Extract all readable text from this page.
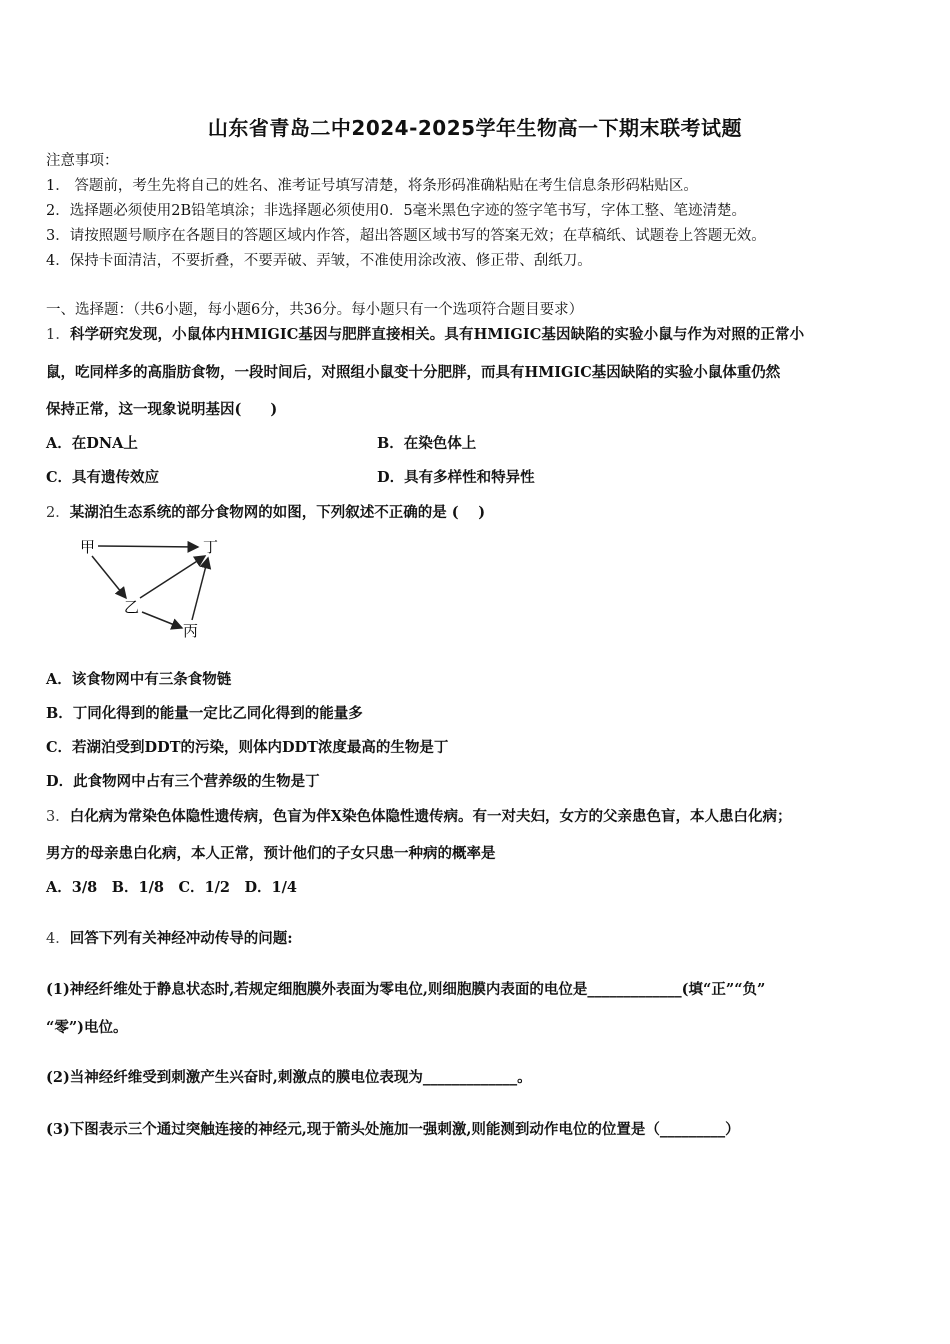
山东省青岛二中2024-2025学年生物高一下期末联考试题
注意事项：
1． 答题前，考生先将自己的姓名、准考证号填写清楚，将条形码准确粘贴在考生信息条形码粘贴区。
2．选择题必须使用2B铅笔填涂；非选择题必须使用0．5毫米黑色字迹的签字笔书写，字体工整、笔迹清楚。
3．请按照题号顺序在各题目的答题区域内作答，超出答题区域书写的答案无效；在草稿纸、试题卷上答题无效。
4．保持卡面清洁，不要折叠，不要弄破、弄皱，不准使用涂改液、修正带、刮纸刀。
一、选择题：（共6小题，每小题6分，共36分。每小题只有一个选项符合题目要求）
1．科学研究发现，小鼠体内HMIGIC基因与肥胖直接相关。具有HMIGIC基因缺陷的实验小鼠与作为对照的正常小
鼠，吃同样多的高脂肪食物，一段时间后，对照组小鼠变十分肥胖，而具有HMIGIC基因缺陷的实验小鼠体重仍然
保持正常，这一现象说明基因(　　)
A．在DNA上	B．在染色体上
C．具有遗传效应	D．具有多样性和特异性
2．某湖泊生态系统的部分食物网的如图，下列叙述不正确的是 (　 )
甲	丁
乙
丙
A．该食物网中有三条食物链
B．丁同化得到的能量一定比乙同化得到的能量多
C．若湖泊受到DDT的污染，则体内DDT浓度最高的生物是丁
D．此食物网中占有三个营养级的生物是丁
3．白化病为常染色体隐性遗传病，色盲为伴X染色体隐性遗传病。有一对夫妇，女方的父亲患色盲，本人患白化病；
男方的母亲患白化病，本人正常，预计他们的子女只患一种病的概率是
A．3/8　B．1/8　C．1/2　D．1/4
4．回答下列有关神经冲动传导的问题:
(1)神经纤维处于静息状态时,若规定细胞膜外表面为零电位,则细胞膜内表面的电位是_____________(填“正”“负”
“零”)电位。
(2)当神经纤维受到刺激产生兴奋时,刺激点的膜电位表现为_____________。
(3)下图表示三个通过突触连接的神经元,现于箭头处施加一强刺激,则能测到动作电位的位置是（_________）
